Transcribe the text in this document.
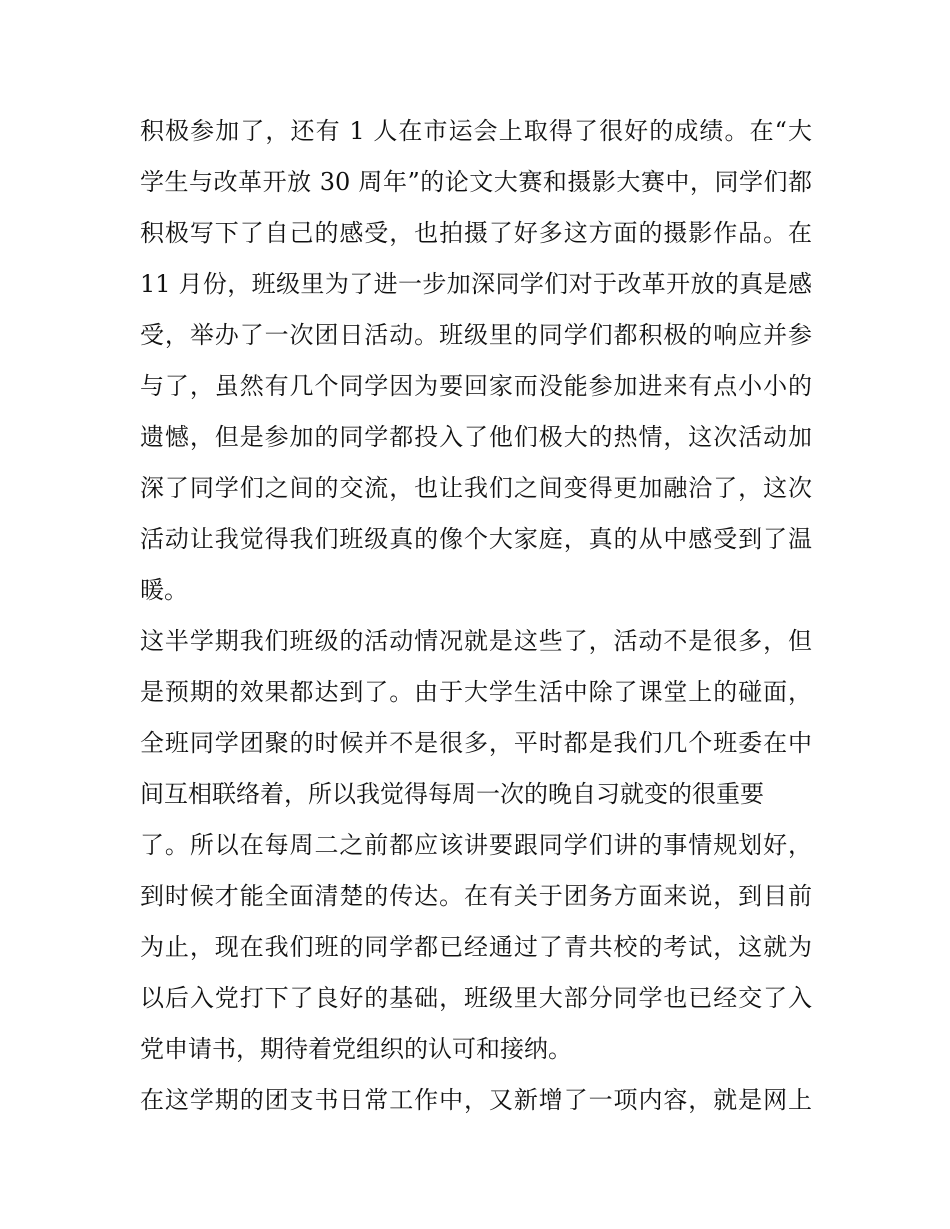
积极参加了，还有 1 人在市运会上取得了很好的成绩。在“大
学生与改革开放 30 周年”的论文大赛和摄影大赛中，同学们都
积极写下了自己的感受，也拍摄了好多这方面的摄影作品。在
11 月份，班级里为了进一步加深同学们对于改革开放的真是感
受，举办了一次团日活动。班级里的同学们都积极的响应并参
与了，虽然有几个同学因为要回家而没能参加进来有点小小的
遗憾，但是参加的同学都投入了他们极大的热情，这次活动加
深了同学们之间的交流，也让我们之间变得更加融洽了，这次
活动让我觉得我们班级真的像个大家庭，真的从中感受到了温
暖。
这半学期我们班级的活动情况就是这些了，活动不是很多，但
是预期的效果都达到了。由于大学生活中除了课堂上的碰面，
全班同学团聚的时候并不是很多，平时都是我们几个班委在中
间互相联络着，所以我觉得每周一次的晚自习就变的很重要
了。所以在每周二之前都应该讲要跟同学们讲的事情规划好，
到时候才能全面清楚的传达。在有关于团务方面来说，到目前
为止，现在我们班的同学都已经通过了青共校的考试，这就为
以后入党打下了良好的基础，班级里大部分同学也已经交了入
党申请书，期待着党组织的认可和接纳。
在这学期的团支书日常工作中，又新增了一项内容，就是网上
